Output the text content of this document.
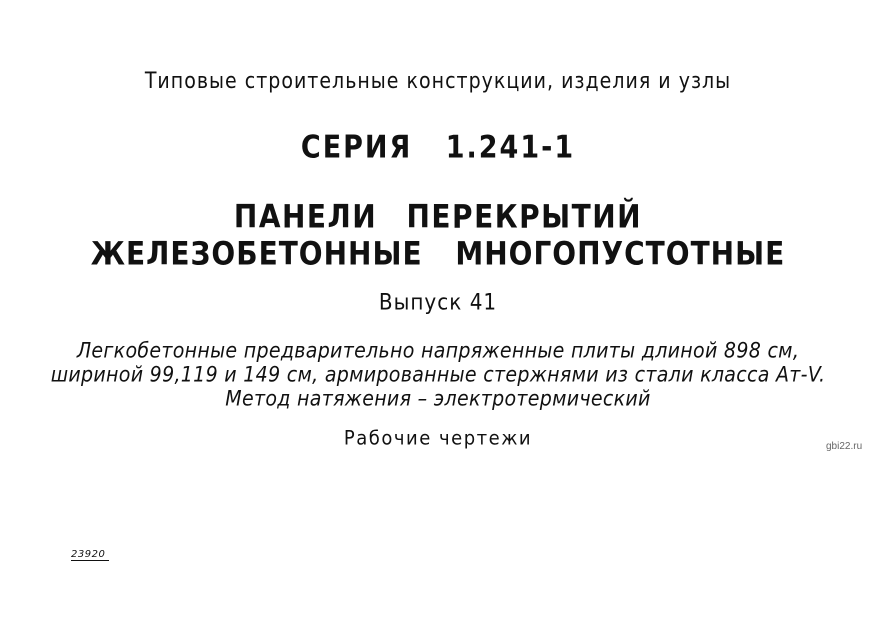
Типовые строительные конструкции, изделия и узлы
СЕРИЯ 1.241-1
ПАНЕЛИ ПЕРЕКРЫТИЙ
ЖЕЛЕЗОБЕТОННЫЕ МНОГОПУСТОТНЫЕ
Выпуск 41
Легкобетонные предварительно напряженные плиты длиной 898 см,
шириной 99,119 и 149 см, армированные стержнями из стали класса Ат-V.
Метод натяжения – электротермический
Рабочие чертежи	gbi22.ru
23920
